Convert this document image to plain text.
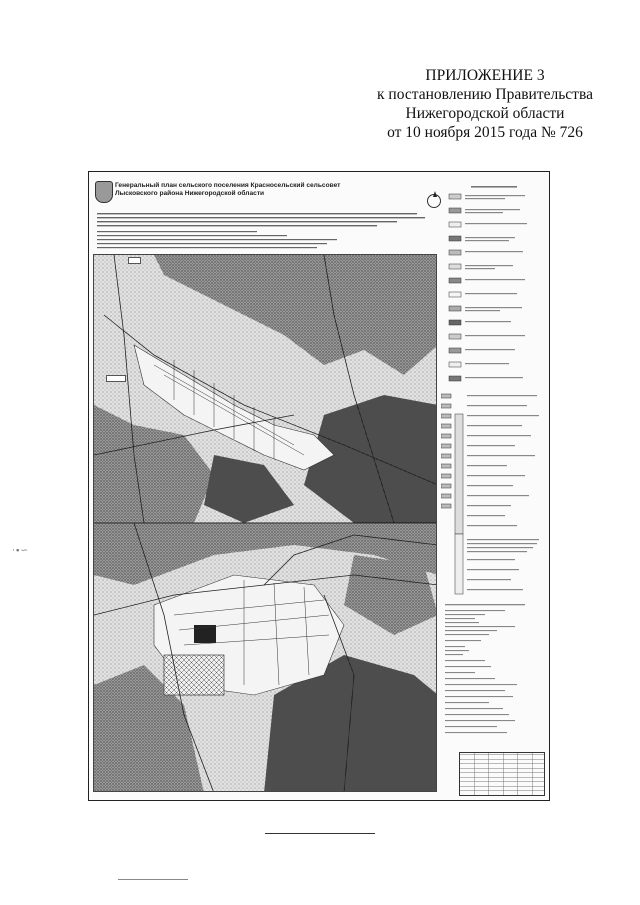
ПРИЛОЖЕНИЕ 3
к постановлению Правительства
Нижегородской области
от 10 ноября 2015 года № 726
·∙∽
Генеральный план сельского поселения Красносельский сельсовет
Лысковского района Нижегородской области
